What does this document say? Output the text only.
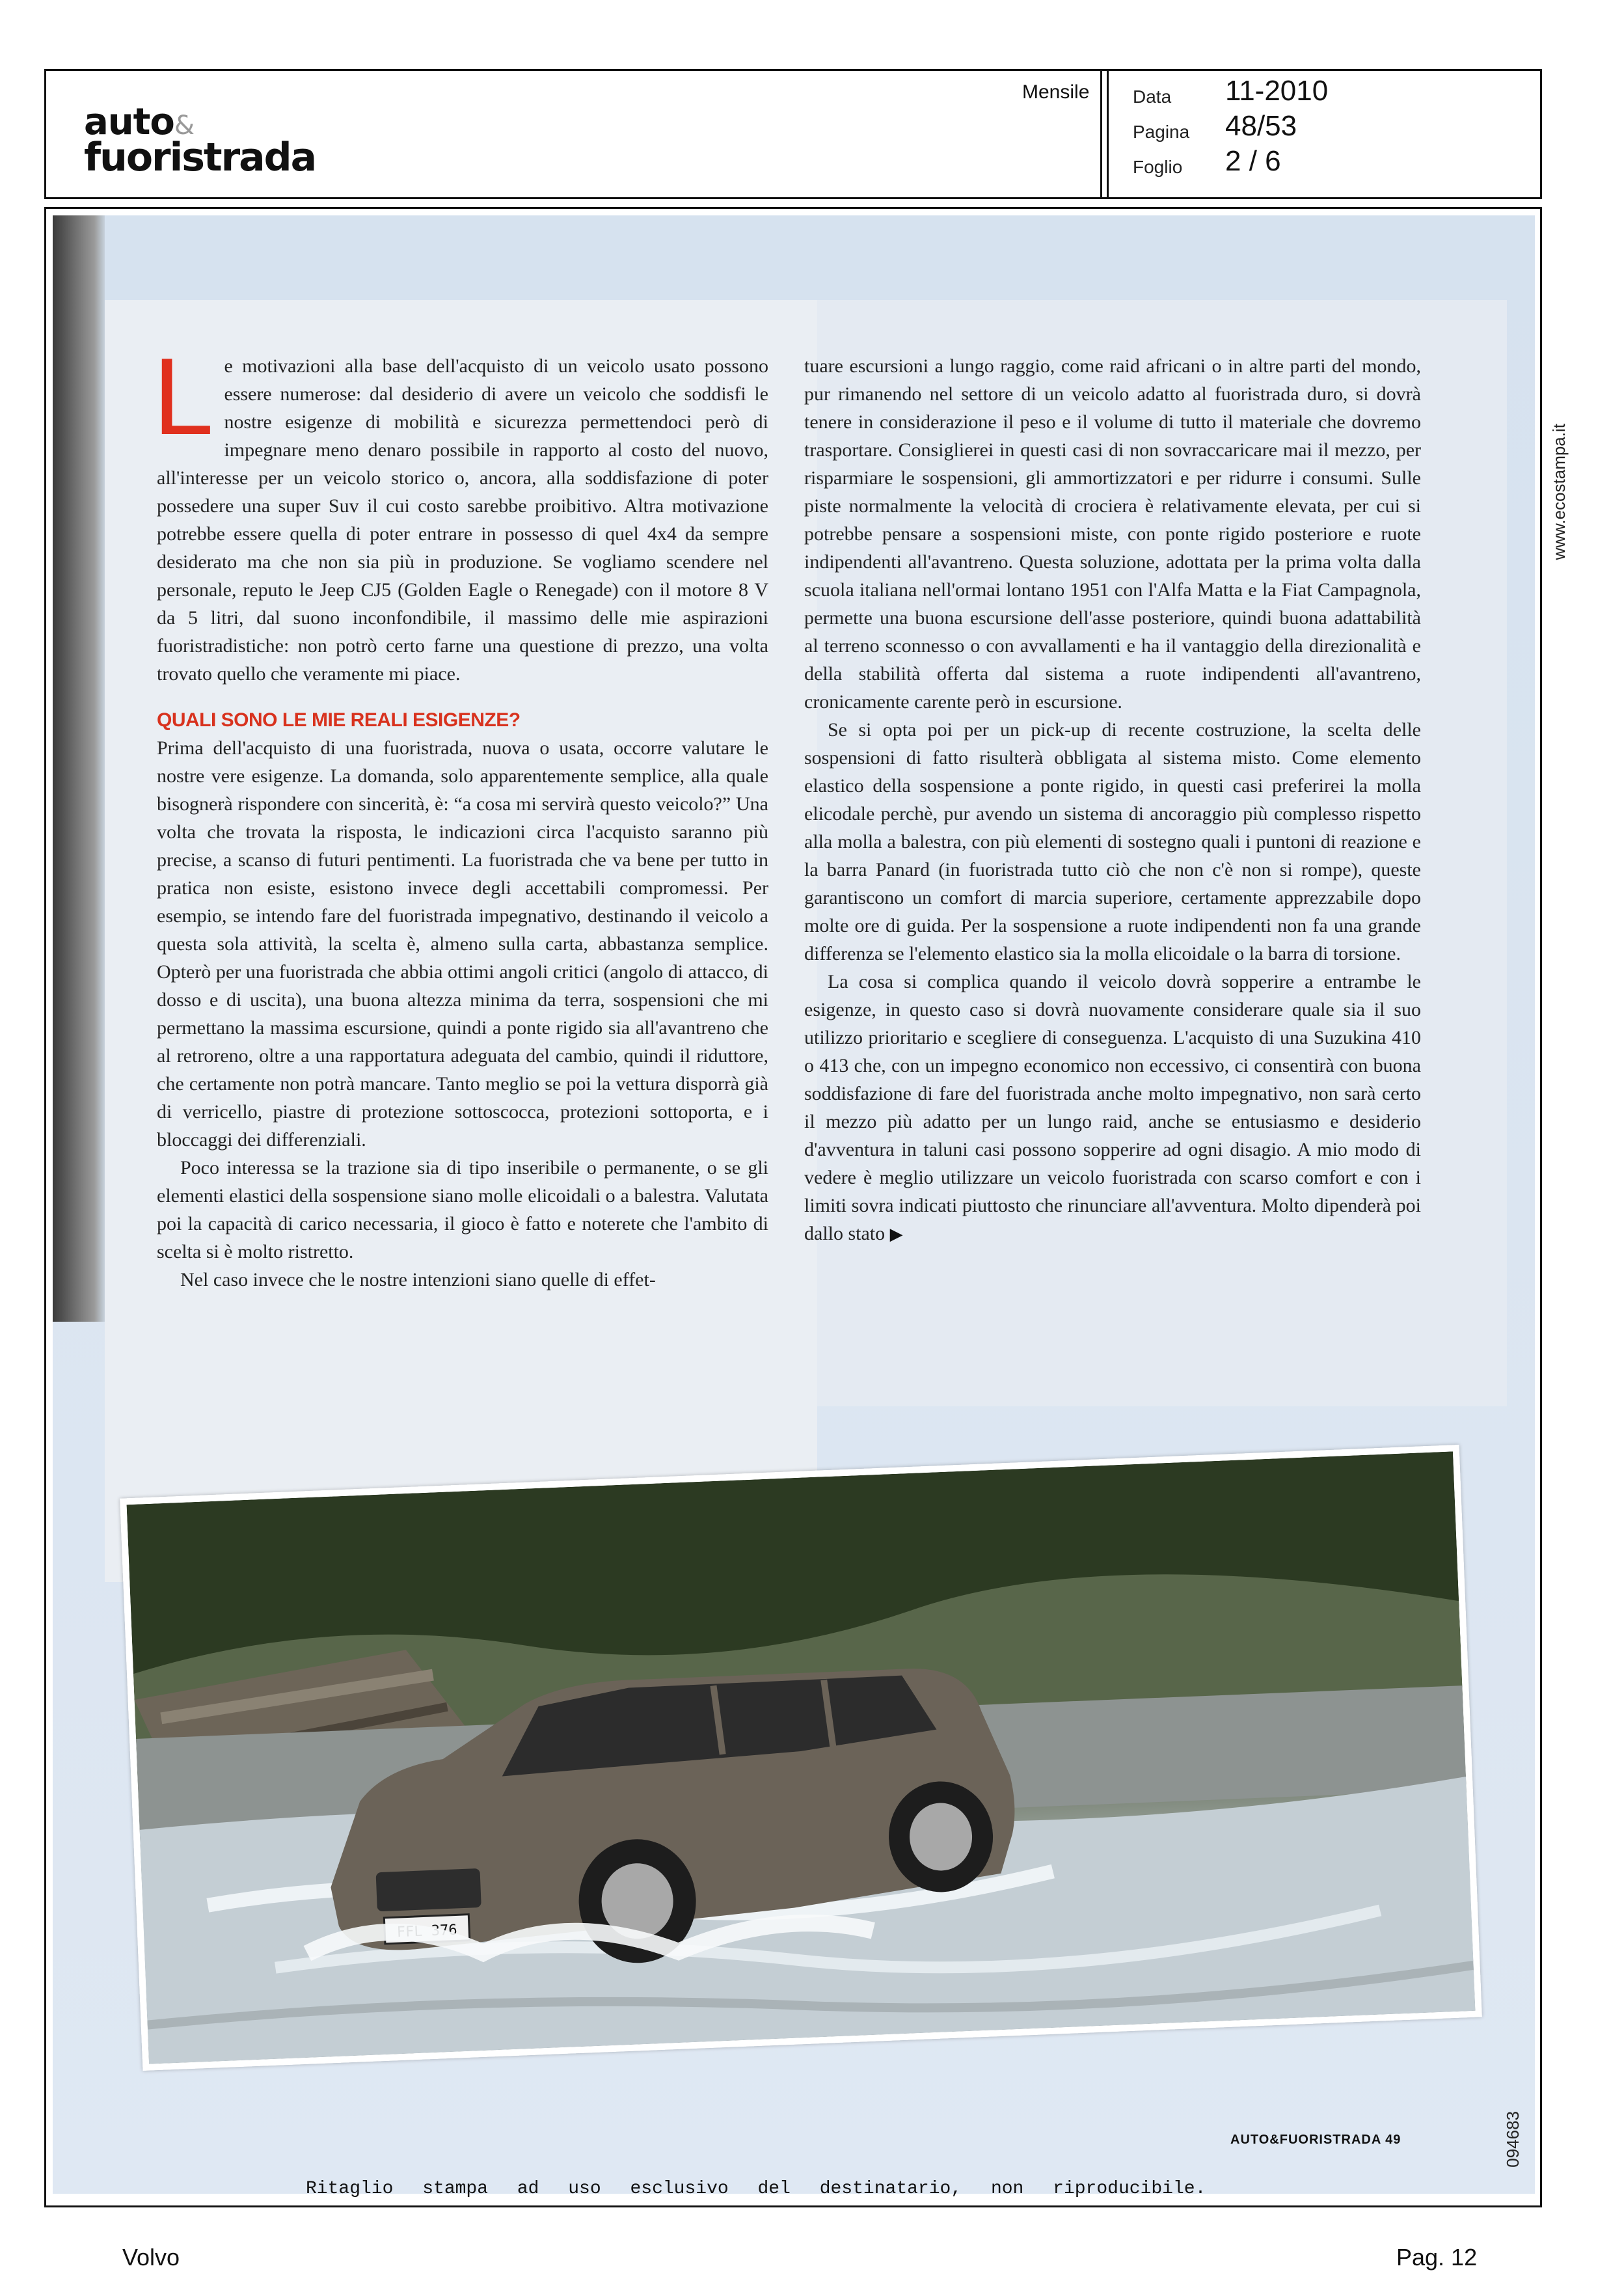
auto&
fuoristrada
Mensile Data 11-2010
Pagina 48/53
Foglio 2 / 6

L e motivazioni alla base dell'acquisto di un veicolo usato possono essere numerose: dal desiderio di avere un veicolo che soddisfi le nostre esigenze di mobilità e sicurezza permettendoci però di impegnare meno denaro possibile in rapporto al costo del nuovo, all'interesse per un veicolo storico o, ancora, alla soddisfazione di poter possedere una super Suv il cui costo sarebbe proibitivo. Altra motivazione potrebbe essere quella di poter entrare in possesso di quel 4x4 da sempre desiderato ma che non sia più in produzione. Se vogliamo scendere nel personale, reputo le Jeep CJ5 (Golden Eagle o Renegade) con il motore 8 V da 5 litri, dal suono inconfondibile, il massimo delle mie aspirazioni fuoristradistiche: non potrò certo farne una questione di prezzo, una volta trovato quello che veramente mi piace.

QUALI SONO LE MIE REALI ESIGENZE?

Prima dell'acquisto di una fuoristrada, nuova o usata, occorre valutare le nostre vere esigenze. La domanda, solo apparentemente semplice, alla quale bisognerà rispondere con sincerità, è: “a cosa mi servirà questo veicolo?” Una volta che trovata la risposta, le indicazioni circa l'acquisto saranno più precise, a scanso di futuri pentimenti. La fuoristrada che va bene per tutto in pratica non esiste, esistono invece degli accettabili compromessi. Per esempio, se intendo fare del fuoristrada impegnativo, destinando il veicolo a questa sola attività, la scelta è, almeno sulla carta, abbastanza semplice. Opterò per una fuoristrada che abbia ottimi angoli critici (angolo di attacco, di dosso e di uscita), una buona altezza minima da terra, sospensioni che mi permettano la massima escursione, quindi a ponte rigido sia all'avantreno che al retroreno, oltre a una rapportatura adeguata del cambio, quindi il riduttore, che certamente non potrà mancare. Tanto meglio se poi la vettura disporrà già di verricello, piastre di protezione sottoscocca, protezioni sottoporta, e i bloccaggi dei differenziali.

Poco interessa se la trazione sia di tipo inseribile o permanente, o se gli elementi elastici della sospensione siano molle elicoidali o a balestra. Valutata poi la capacità di carico necessaria, il gioco è fatto e noterete che l'ambito di scelta si è molto ristretto.

Nel caso invece che le nostre intenzioni siano quelle di effet-

tuare escursioni a lungo raggio, come raid africani o in altre parti del mondo, pur rimanendo nel settore di un veicolo adatto al fuoristrada duro, si dovrà tenere in considerazione il peso e il volume di tutto il materiale che dovremo trasportare. Consiglierei in questi casi di non sovraccaricare mai il mezzo, per risparmiare le sospensioni, gli ammortizzatori e per ridurre i consumi. Sulle piste normalmente la velocità di crociera è relativamente elevata, per cui si potrebbe pensare a sospensioni miste, con ponte rigido posteriore e ruote indipendenti all'avantreno. Questa soluzione, adottata per la prima volta dalla scuola italiana nell'ormai lontano 1951 con l'Alfa Matta e la Fiat Campagnola, permette una buona escursione dell'asse posteriore, quindi buona adattabilità al terreno sconnesso o con avvallamenti e ha il vantaggio della direzionalità e della stabilità offerta dal sistema a ruote indipendenti all'avantreno, cronicamente carente però in escursione.

Se si opta poi per un pick-up di recente costruzione, la scelta delle sospensioni di fatto risulterà obbligata al sistema misto. Come elemento elastico della sospensione a ponte rigido, in questi casi preferirei la molla elicodale perchè, pur avendo un sistema di ancoraggio più complesso rispetto alla molla a balestra, con più elementi di sostegno quali i puntoni di reazione e la barra Panard (in fuoristrada tutto ciò che non c'è non si rompe), queste garantiscono un comfort di marcia superiore, certamente apprezzabile dopo molte ore di guida. Per la sospensione a ruote indipendenti non fa una grande differenza se l'elemento elastico sia la molla elicoidale o la barra di torsione.

La cosa si complica quando il veicolo dovrà sopperire a entrambe le esigenze, in questo caso si dovrà nuovamente considerare quale sia il suo utilizzo prioritario e scegliere di conseguenza. L'acquisto di una Suzukina 410 o 413 che, con un impegno economico non eccessivo, ci consentirà con buona soddisfazione di fare del fuoristrada anche molto impegnativo, non sarà certo il mezzo più adatto per un lungo raid, anche se entusiasmo e desiderio d'avventura in taluni casi possono sopperire ad ogni disagio. A mio modo di vedere è meglio utilizzare un veicolo fuoristrada con scarso comfort e con i limiti sovra indicati piuttosto che rinunciare all'avventura. Molto dipenderà poi dallo stato ▶

FFL 376
AUTO&FUORISTRADA 49
www.ecostampa.it
094683
Ritaglio stampa ad uso esclusivo del destinatario, non riproducibile.
Volvo	Pag. 12
